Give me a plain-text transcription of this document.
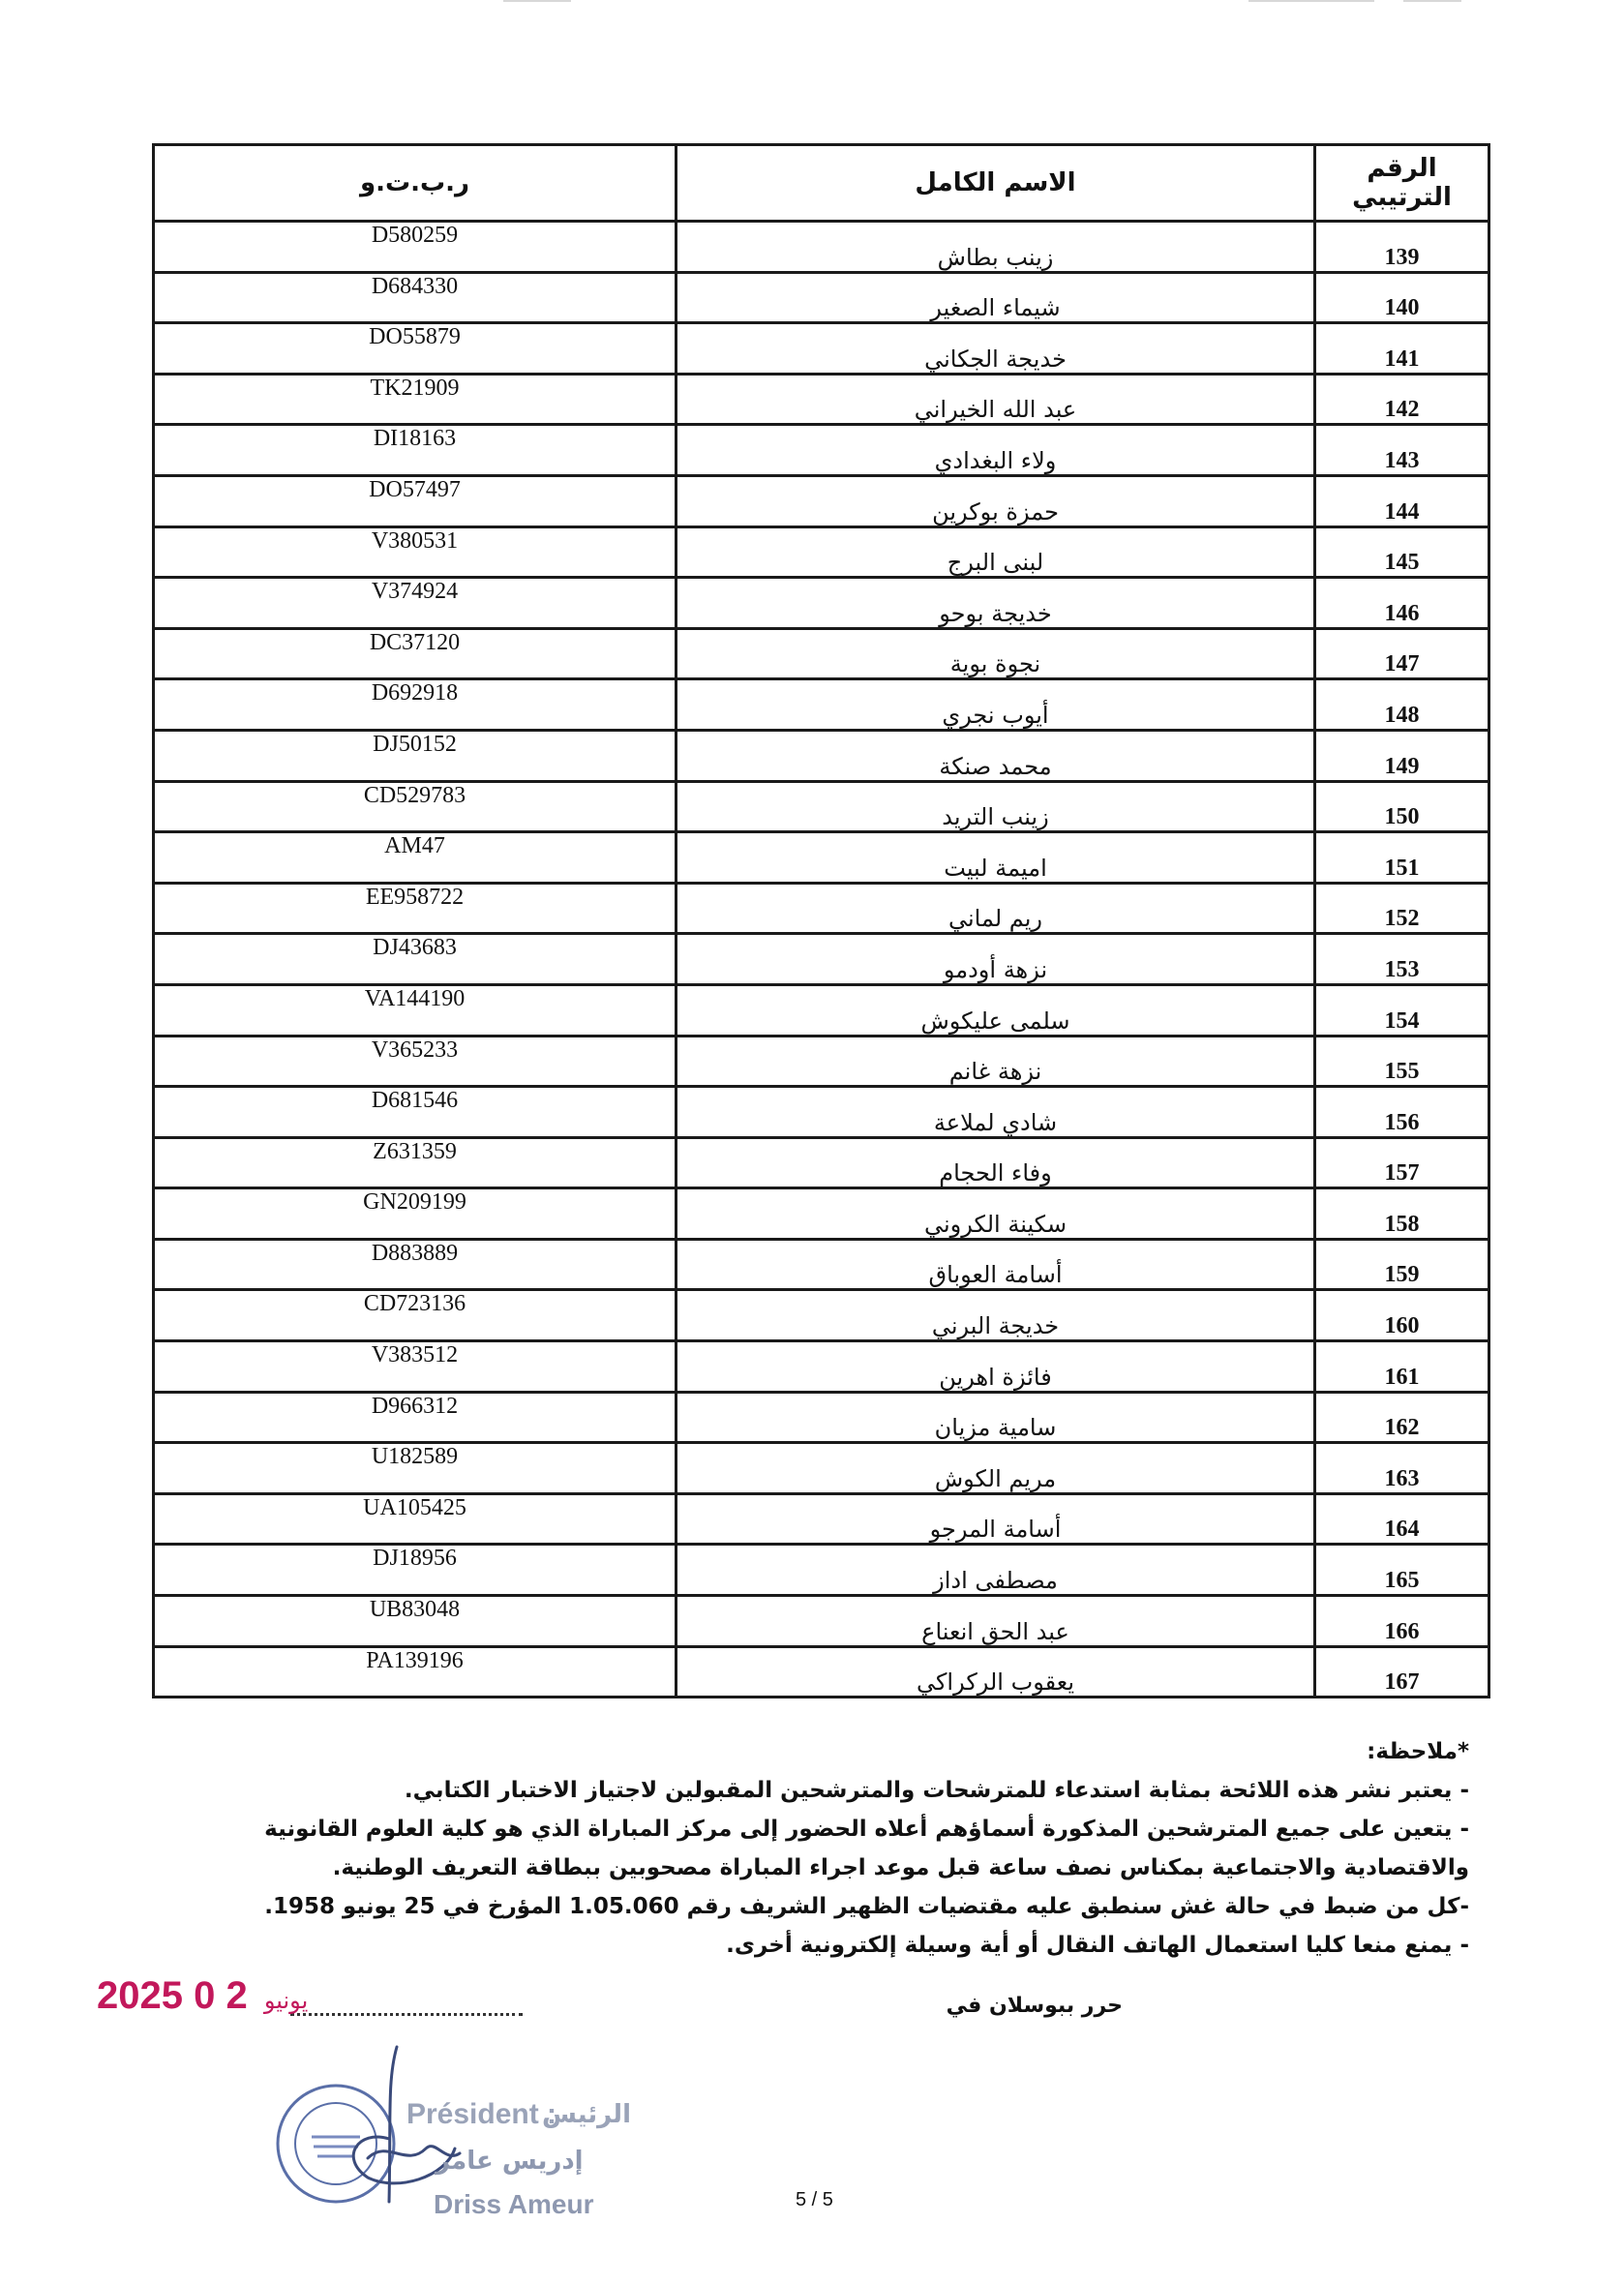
ر.ب.ت.و	الاسم الكامل	الرقم الترتيبي
D580259	زينب بطاش	139
D684330	شيماء الصغير	140
DO55879	خديجة الجكاني	141
TK21909	عبد الله الخيراني	142
DI18163	ولاء البغدادي	143
DO57497	حمزة بوكرين	144
V380531	لبنى البرج	145
V374924	خديجة بوحو	146
DC37120	نجوة بوية	147
D692918	أيوب نجري	148
DJ50152	محمد صنكة	149
CD529783	زينب التريد	150
AM47	اميمة لبيت	151
EE958722	ريم لماني	152
DJ43683	نزهة أودمو	153
VA144190	سلمى عليكوش	154
V365233	نزهة غانم	155
D681546	شادي لملاعة	156
Z631359	وفاء الحجام	157
GN209199	سكينة الكروني	158
D883889	أسامة العوباق	159
CD723136	خديجة البرني	160
V383512	فائزة اهرين	161
D966312	سامية مزيان	162
U182589	مريم الكوش	163
UA105425	أسامة المرجو	164
DJ18956	مصطفى اداز	165
UB83048	عبد الحق انعناع	166
PA139196	يعقوب الركراكي	167
*ملاحظة:
- يعتبر نشر هذه اللائحة بمثابة استدعاء للمترشحات والمترشحين المقبولين لاجتياز الاختبار الكتابي.
- يتعين على جميع المترشحين المذكورة أسماؤهم أعلاه الحضور إلى مركز المباراة الذي هو كلية العلوم القانونية والاقتصادية والاجتماعية بمكناس نصف ساعة قبل موعد اجراء المباراة مصحوبين ببطاقة التعريف الوطنية.
-كل من ضبط في حالة غش سنطبق عليه مقتضيات الظهير الشريف رقم 1.05.060 المؤرخ في 25 يونيو 1958.
- يمنع منعا كليا استعمال الهاتف النقال أو أية وسيلة إلكترونية أخرى.
حرر ببوسلان في
2025	يونيو 2 0
Président :
الرئيس
إدريس عامر
Driss Ameur	5 / 5
